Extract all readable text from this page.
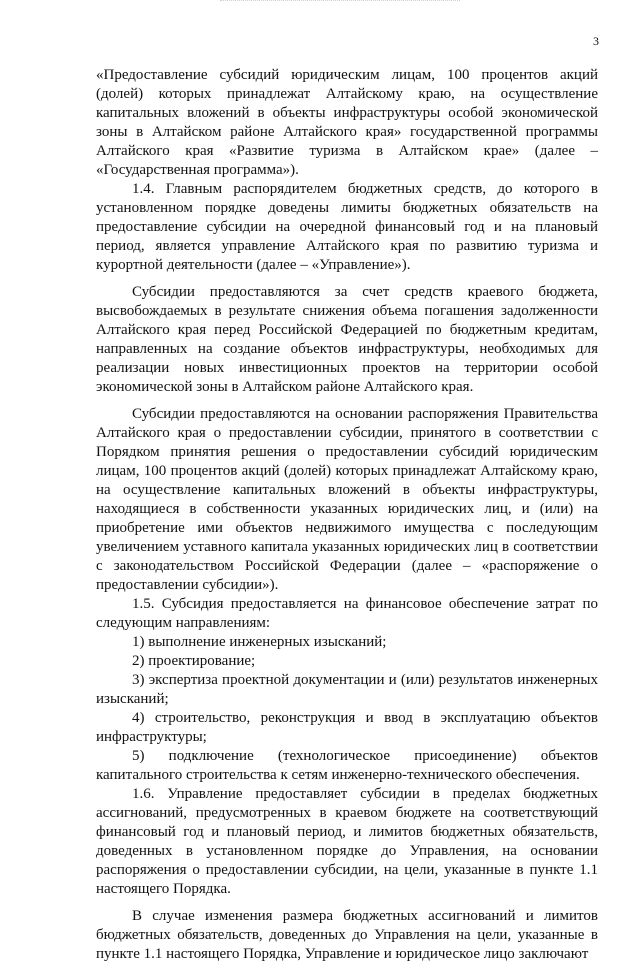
3

«Предоставление субсидий юридическим лицам, 100 процентов акций (долей) которых принадлежат Алтайскому краю, на осуществление капитальных вложений в объекты инфраструктуры особой экономической зоны в Алтайском районе Алтайского края» государственной программы Алтайского края «Развитие туризма в Алтайском крае» (далее – «Государственная программа»).

1.4. Главным распорядителем бюджетных средств, до которого в установленном порядке доведены лимиты бюджетных обязательств на предоставление субсидии на очередной финансовый год и на плановый период, является управление Алтайского края по развитию туризма и курортной деятельности (далее – «Управление»).

Субсидии предоставляются за счет средств краевого бюджета, высвобождаемых в результате снижения объема погашения задолженности Алтайского края перед Российской Федерацией по бюджетным кредитам, направленных на создание объектов инфраструктуры, необходимых для реализации новых инвестиционных проектов на территории особой экономической зоны в Алтайском районе Алтайского края.

Субсидии предоставляются на основании распоряжения Правительства Алтайского края о предоставлении субсидии, принятого в соответствии с Порядком принятия решения о предоставлении субсидий юридическим лицам, 100 процентов акций (долей) которых принадлежат Алтайскому краю, на осуществление капитальных вложений в объекты инфраструктуры, находящиеся в собственности указанных юридических лиц, и (или) на приобретение ими объектов недвижимого имущества с последующим увеличением уставного капитала указанных юридических лиц в соответствии с законодательством Российской Федерации (далее – «распоряжение о предоставлении субсидии»).

1.5. Субсидия предоставляется на финансовое обеспечение затрат по следующим направлениям:

1) выполнение инженерных изысканий;

2) проектирование;

3) экспертиза проектной документации и (или) результатов инженерных изысканий;

4) строительство, реконструкция и ввод в эксплуатацию объектов инфраструктуры;

5) подключение (технологическое присоединение) объектов капитального строительства к сетям инженерно-технического обеспечения.

1.6. Управление предоставляет субсидии в пределах бюджетных ассигнований, предусмотренных в краевом бюджете на соответствующий финансовый год и плановый период, и лимитов бюджетных обязательств, доведенных в установленном порядке до Управления, на основании распоряжения о предоставлении субсидии, на цели, указанные в пункте 1.1 настоящего Порядка.

В случае изменения размера бюджетных ассигнований и лимитов бюджетных обязательств, доведенных до Управления на цели, указанные в пункте 1.1 настоящего Порядка, Управление и юридическое лицо заключают
